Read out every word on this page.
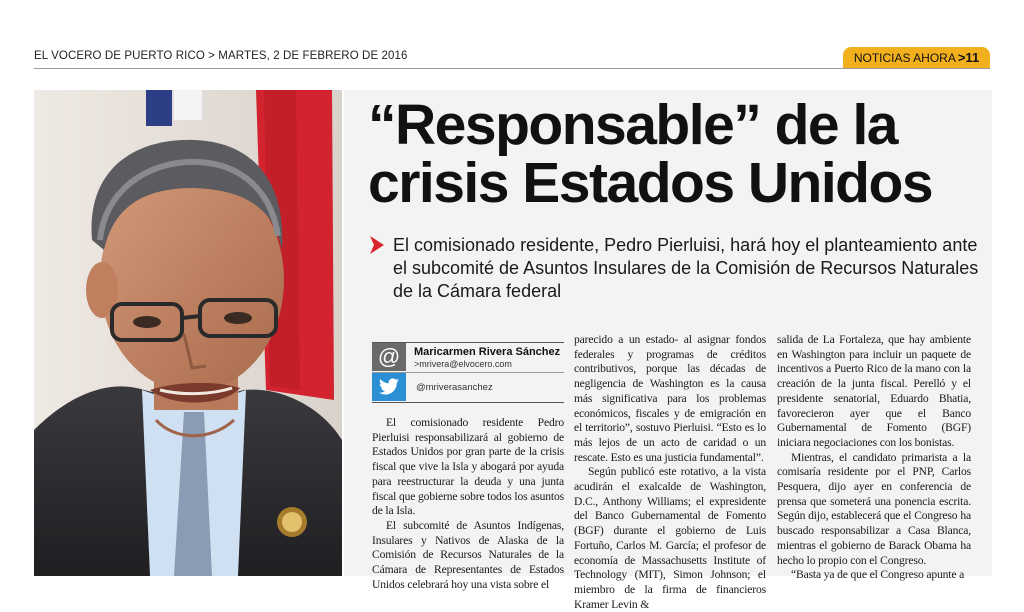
EL VOCERO DE PUERTO RICO > MARTES, 2 DE FEBRERO DE 2016	NOTICIAS AHORA >11
“Responsable” de la
crisis Estados Unidos
El comisionado residente, Pedro Pierluisi, hará hoy el planteamiento ante el subcomité de Asuntos Insulares de la Comisión de Recursos Naturales de la Cámara federal
@	Maricarmen Rivera Sánchez
>mrivera@elvocero.com
@mriverasanchez

El comisionado residente Pedro Pierluisi responsabilizará al gobierno de Estados Unidos por gran parte de la crisis fiscal que vive la Isla y abogará por ayuda para reestructurar la deuda y una junta fiscal que gobierne sobre todos los asuntos de la Isla.

El subcomité de Asuntos Indígenas, Insulares y Nativos de Alaska de la Comisión de Recursos Naturales de la Cámara de Representantes de Estados Unidos celebrará hoy una vista sobre el

parecido a un estado- al asignar fondos federales y programas de créditos contributivos, porque las décadas de negligencia de Washington es la causa más significativa para los problemas económicos, fiscales y de emigración en el territorio”, sostuvo Pierluisi. “Esto es lo más lejos de un acto de caridad o un rescate. Esto es una justicia fundamental”.

Según publicó este rotativo, a la vista acudirán el exalcalde de Washington, D.C., Anthony Williams; el expresidente del Banco Gubernamental de Fomento (BGF) durante el gobierno de Luis Fortuño, Carlos M. García; el profesor de economía de Massachusetts Institute of Technology (MIT), Simon Johnson; el miembro de la firma de financieros Kramer Levin &

salida de La Fortaleza, que hay ambiente en Washington para incluir un paquete de incentivos a Puerto Rico de la mano con la creación de la junta fiscal. Perelló y el presidente senatorial, Eduardo Bhatia, favorecieron ayer que el Banco Gubernamental de Fomento (BGF) iniciara negociaciones con los bonistas.

Mientras, el candidato primarista a la comisaría residente por el PNP, Carlos Pesquera, dijo ayer en conferencia de prensa que someterá una ponencia escrita. Según dijo, establecerá que el Congreso ha buscado responsabilizar a Casa Blanca, mientras el gobierno de Barack Obama ha hecho lo propio con el Congreso.

“Basta ya de que el Congreso apunte a
